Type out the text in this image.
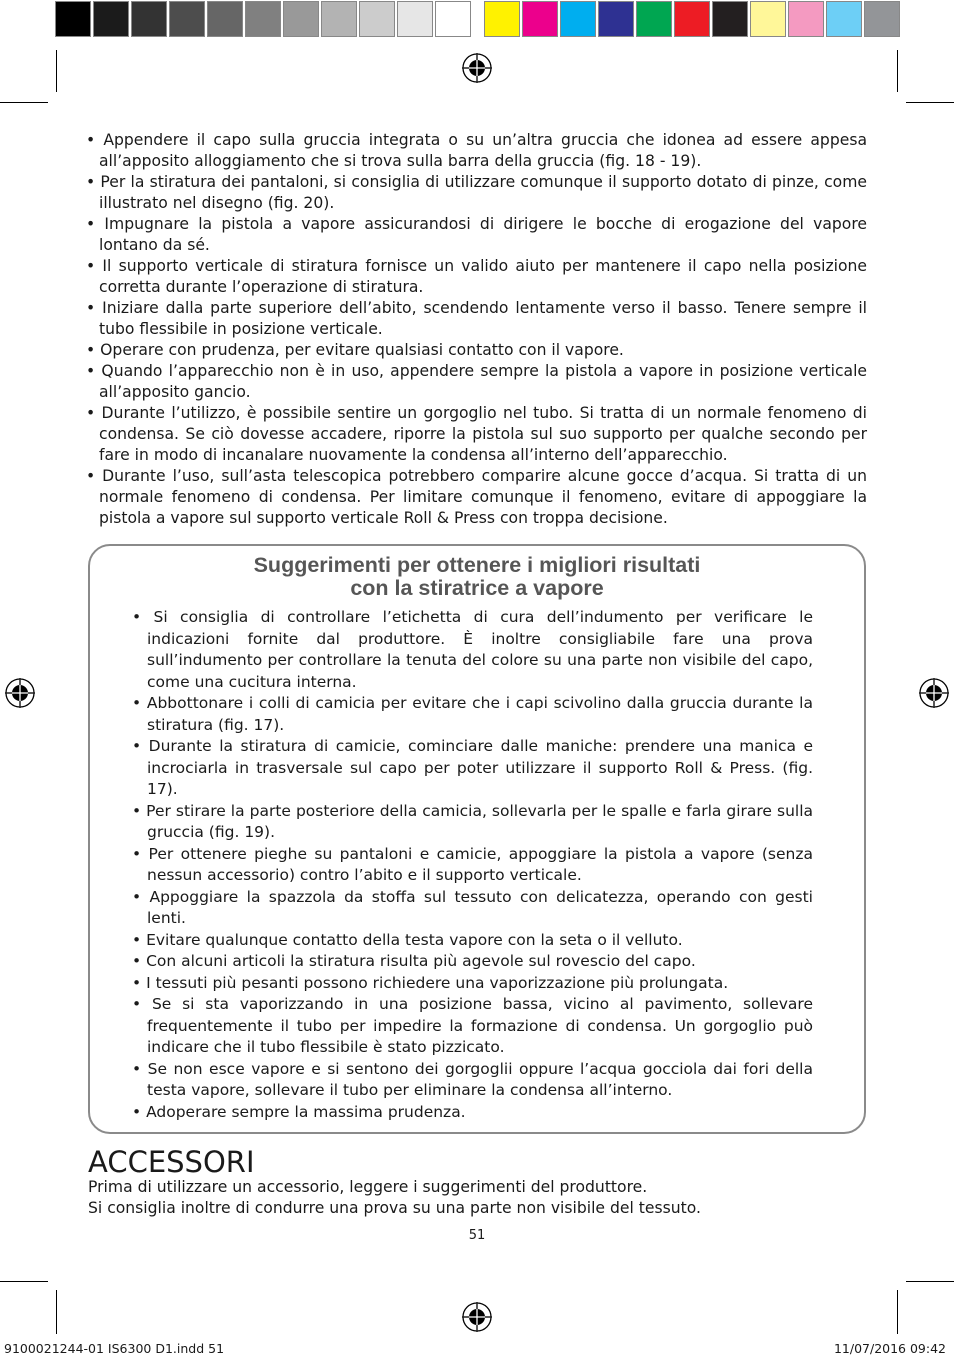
• Appendere il capo sulla gruccia integrata o su un’altra gruccia che idonea ad essere appesa all’apposito alloggiamento che si trova sulla barra della gruccia (fig. 18 - 19).

• Per la stiratura dei pantaloni, si consiglia di utilizzare comunque il supporto dotato di pinze, come illustrato nel disegno (fig. 20).

• Impugnare la pistola a vapore assicurandosi di dirigere le bocche di erogazione del vapore lontano da sé.

• Il supporto verticale di stiratura fornisce un valido aiuto per mantenere il capo nella posizione corretta durante l’operazione di stiratura.

• Iniziare dalla parte superiore dell’abito, scendendo lentamente verso il basso. Tenere sempre il tubo flessibile in posizione verticale.

• Operare con prudenza, per evitare qualsiasi contatto con il vapore.

• Quando l’apparecchio non è in uso, appendere sempre la pistola a vapore in posizione verticale all’apposito gancio.

• Durante l’utilizzo, è possibile sentire un gorgoglio nel tubo. Si tratta di un normale fenomeno di condensa. Se ciò dovesse accadere, riporre la pistola sul suo supporto per qualche secondo per fare in modo di incanalare nuovamente la condensa all’interno dell’apparecchio.

• Durante l’uso, sull’asta telescopica potrebbero comparire alcune gocce d’acqua. Si tratta di un normale fenomeno di condensa. Per limitare comunque il fenomeno, evitare di appoggiare la pistola a vapore sul supporto verticale Roll & Press con troppa decisione.

Suggerimenti per ottenere i migliori risultati
con la stiratrice a vapore

• Si consiglia di controllare l’etichetta di cura dell’indumento per verificare le indicazioni fornite dal produttore. È inoltre consigliabile fare una prova sull’indumento per controllare la tenuta del colore su una parte non visibile del capo, come una cucitura interna.

• Abbottonare i colli di camicia per evitare che i capi scivolino dalla gruccia durante la stiratura (fig. 17).

• Durante la stiratura di camicie, cominciare dalle maniche: prendere una manica e incrociarla in trasversale sul capo per poter utilizzare il supporto Roll & Press. (fig. 17).

• Per stirare la parte posteriore della camicia, sollevarla per le spalle e farla girare sulla gruccia (fig. 19).

• Per ottenere pieghe su pantaloni e camicie, appoggiare la pistola a vapore (senza nessun accessorio) contro l’abito e il supporto verticale.

• Appoggiare la spazzola da stoffa sul tessuto con delicatezza, operando con gesti lenti.

• Evitare qualunque contatto della testa vapore con la seta o il velluto.

• Con alcuni articoli la stiratura risulta più agevole sul rovescio del capo.

• I tessuti più pesanti possono richiedere una vaporizzazione più prolungata.

• Se si sta vaporizzando in una posizione bassa, vicino al pavimento, sollevare frequentemente il tubo per impedire la formazione di condensa. Un gorgoglio può indicare che il tubo flessibile è stato pizzicato.

• Se non esce vapore e si sentono dei gorgoglii oppure l’acqua gocciola dai fori della testa vapore, sollevare il tubo per eliminare la condensa all’interno.

• Adoperare sempre la massima prudenza.

ACCESSORI
Prima di utilizzare un accessorio, leggere i suggerimenti del produttore.
Si consiglia inoltre di condurre una prova su una parte non visibile del tessuto.
51
9100021244-01 IS6300 D1.indd 51	11/07/2016 09:42
